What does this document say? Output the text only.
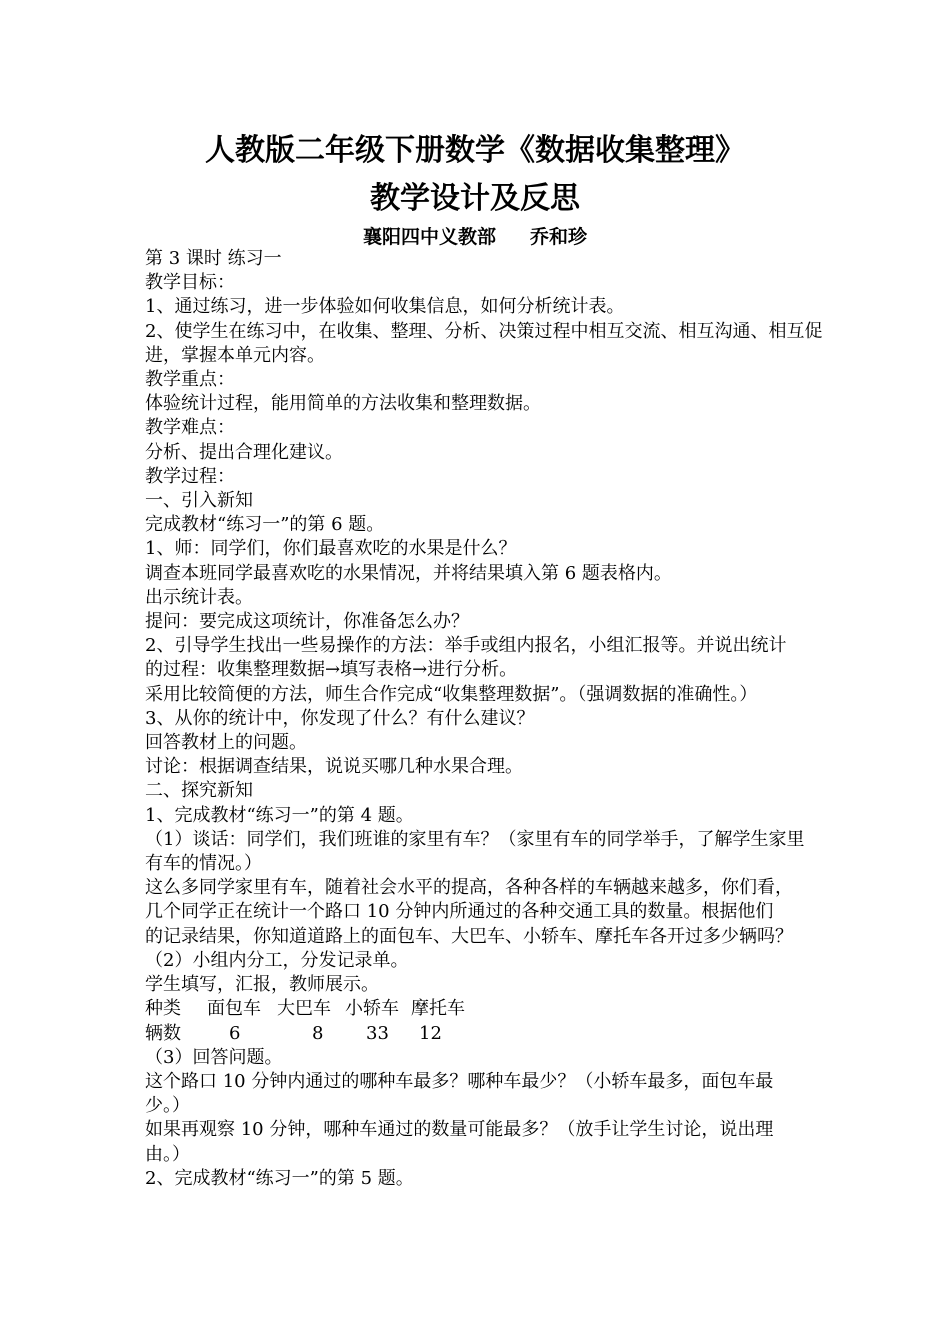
人教版二年级下册数学《数据收集整理》
教学设计及反思
襄阳四中义教部 乔和珍
第 3 课时 练习一
教学目标：
1、通过练习，进一步体验如何收集信息，如何分析统计表。
2、使学生在练习中，在收集、整理、分析、决策过程中相互交流、相互沟通、相互促
进，掌握本单元内容。
教学重点：
体验统计过程，能用简单的方法收集和整理数据。
教学难点：
分析、提出合理化建议。
教学过程：
一、引入新知
完成教材“练习一”的第 6 题。
1、师：同学们，你们最喜欢吃的水果是什么？
调查本班同学最喜欢吃的水果情况，并将结果填入第 6 题表格内。
出示统计表。
提问：要完成这项统计，你准备怎么办？
2、引导学生找出一些易操作的方法：举手或组内报名，小组汇报等。并说出统计
的过程：收集整理数据→填写表格→进行分析。
采用比较简便的方法，师生合作完成“收集整理数据”。（强调数据的准确性。）
3、从你的统计中，你发现了什么？有什么建议？
回答教材上的问题。
讨论：根据调查结果，说说买哪几种水果合理。
二、探究新知
1、完成教材“练习一”的第 4 题。
（1）谈话：同学们，我们班谁的家里有车？（家里有车的同学举手，了解学生家里
有车的情况。）
这么多同学家里有车，随着社会水平的提高，各种各样的车辆越来越多，你们看，
几个同学正在统计一个路口 10 分钟内所通过的各种交通工具的数量。根据他们
的记录结果，你知道道路上的面包车、大巴车、小轿车、摩托车各开过多少辆吗？
（2）小组内分工，分发记录单。
学生填写，汇报，教师展示。
种类	面包车 大巴车 小轿车 摩托车
辆数	6	8	33	12
（3）回答问题。
这个路口 10 分钟内通过的哪种车最多？哪种车最少？（小轿车最多，面包车最
少。）
如果再观察 10 分钟，哪种车通过的数量可能最多？（放手让学生讨论，说出理
由。）
2、完成教材“练习一”的第 5 题。
